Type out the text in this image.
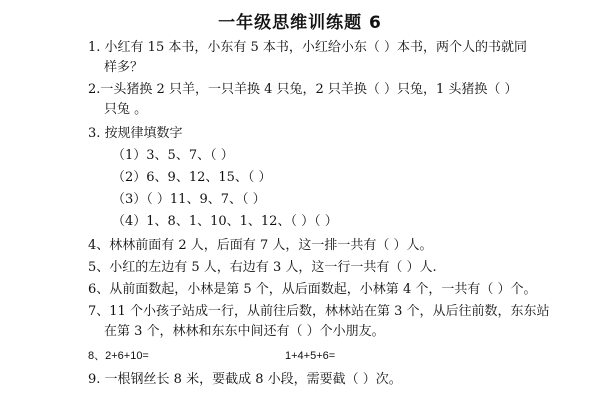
一年级思维训练题 6
1. 小红有 15 本书，小东有 5 本书，小红给小东（ ）本书，两个人的书就同
样多？
2.一头猪换 2 只羊，一只羊换 4 只兔，2 只羊换（ ）只兔，1 头猪换（ ）
只兔 。
3. 按规律填数字
（1）3、5、7、（ ）
（2）6、9、12、15、（ ）
（3）（ ）11、9、7、（ ）
（4）1、8、1、10、1、12、（ ）（ ）
4、林林前面有 2 人，后面有 7 人，这一排一共有（ ）人。
5、小红的左边有 5 人，右边有 3 人，这一行一共有（ ）人.
6、从前面数起，小林是第 5 个，从后面数起，小林第 4 个，一共有（ ）个。
7、11 个小孩子站成一行，从前往后数，林林站在第 3 个，从后往前数，东东站
在第 3 个，林林和东东中间还有（ ）个小朋友。
8、2+6+10=	1+4+5+6=
9. 一根钢丝长 8 米，要截成 8 小段，需要截（ ）次。
